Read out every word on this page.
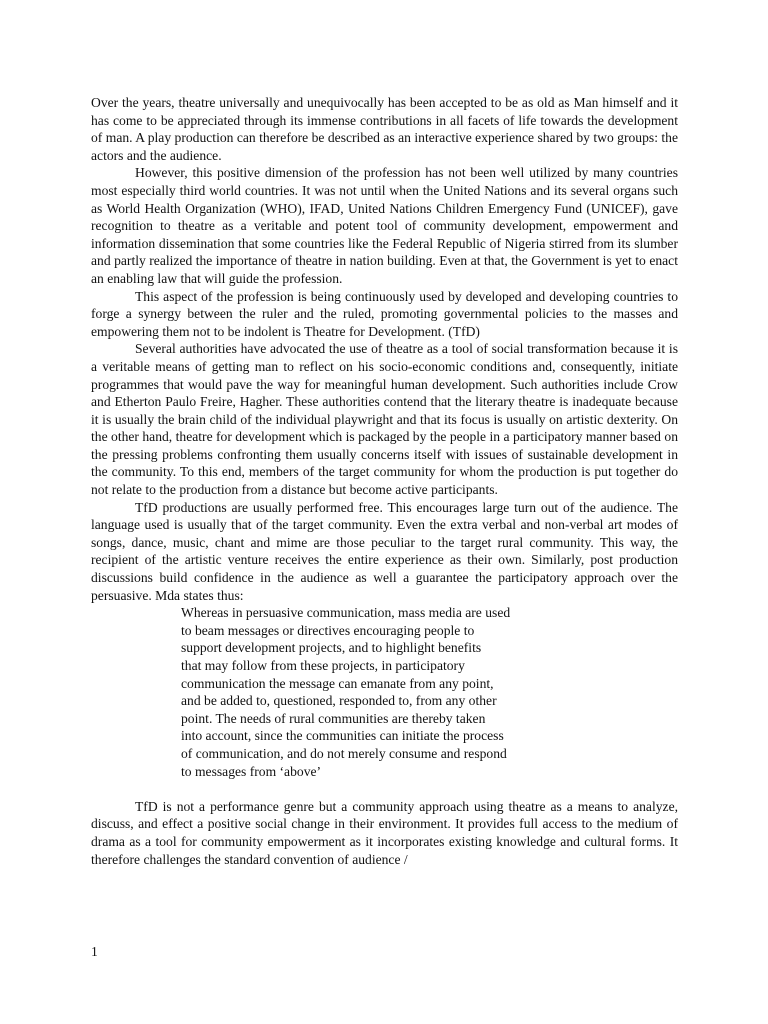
Over the years, theatre universally and unequivocally has been accepted to be as old as Man himself and it has come to be appreciated through its immense contributions in all facets of life towards the development of man. A play production can therefore be described as an interactive experience shared by two groups: the actors and the audience.

However, this positive dimension of the profession has not been well utilized by many countries most especially third world countries. It was not until when the United Nations and its several organs such as World Health Organization (WHO), IFAD, United Nations Children Emergency Fund (UNICEF), gave recognition to theatre as a veritable and potent tool of community development, empowerment and information dissemination that some countries like the Federal Republic of Nigeria stirred from its slumber and partly realized the importance of theatre in nation building. Even at that, the Government is yet to enact an enabling law that will guide the profession.

This aspect of the profession is being continuously used by developed and developing countries to forge a synergy between the ruler and the ruled, promoting governmental policies to the masses and empowering them not to be indolent is Theatre for Development. (TfD)

Several authorities have advocated the use of theatre as a tool of social transformation because it is a veritable means of getting man to reflect on his socio-economic conditions and, consequently, initiate programmes that would pave the way for meaningful human development. Such authorities include Crow and Etherton Paulo Freire, Hagher. These authorities contend that the literary theatre is inadequate because it is usually the brain child of the individual playwright and that its focus is usually on artistic dexterity. On the other hand, theatre for development which is packaged by the people in a participatory manner based on the pressing problems confronting them usually concerns itself with issues of sustainable development in the community. To this end, members of the target community for whom the production is put together do not relate to the production from a distance but become active participants.

TfD productions are usually performed free. This encourages large turn out of the audience. The language used is usually that of the target community. Even the extra verbal and non-verbal art modes of songs, dance, music, chant and mime are those peculiar to the target rural community. This way, the recipient of the artistic venture receives the entire experience as their own. Similarly, post production discussions build confidence in the audience as well a guarantee the participatory approach over the persuasive. Mda states thus:

Whereas in persuasive communication, mass media are used
to beam messages or directives encouraging people to
support development projects, and to highlight benefits
that may follow from these projects, in participatory
communication the message can emanate from any point,
and be added to, questioned, responded to, from any other
point. The needs of rural communities are thereby taken
into account, since the communities can initiate the process
of communication, and do not merely consume and respond
to messages from ‘above’

TfD is not a performance genre but a community approach using theatre as a means to analyze, discuss, and effect a positive social change in their environment. It provides full access to the medium of drama as a tool for community empowerment as it incorporates existing knowledge and cultural forms. It therefore challenges the standard convention of audience /

1
